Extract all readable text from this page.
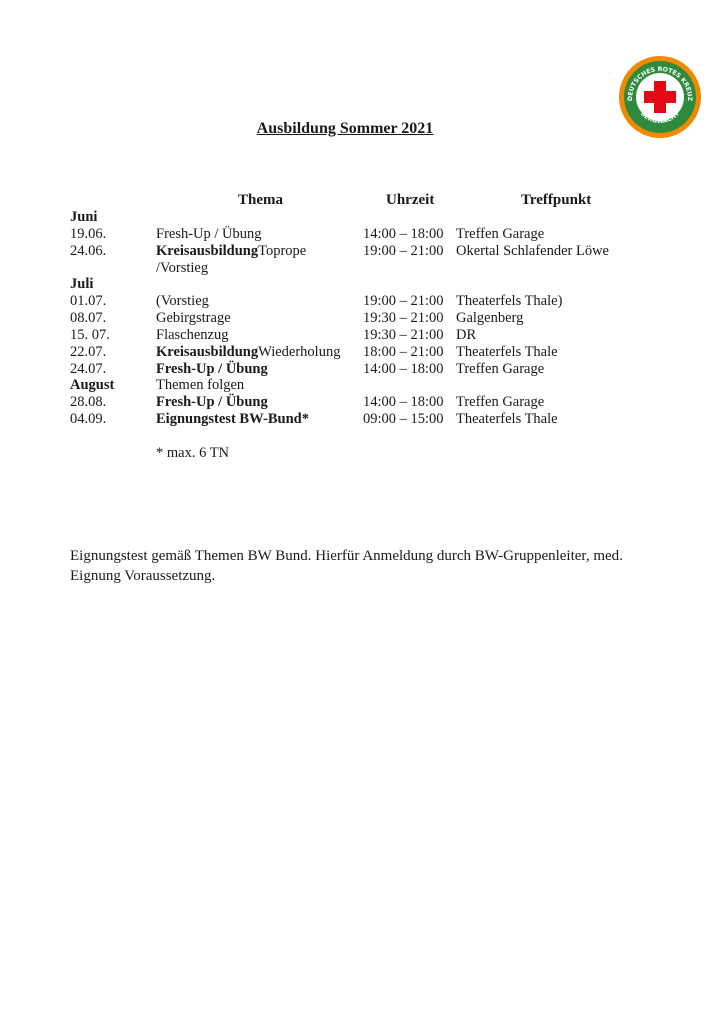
DEUTSCHES ROTES KREUZ
BERGWACHT
Ausbildung Sommer 2021
Thema	Uhrzeit	Treffpunkt
Juni
19.06.	Fresh-Up / Übung	14:00 – 18:00 Treffen Garage
24.06.	KreisausbildungToprope	19:00 – 21:00 Okertal Schlafender Löwe
/Vorstieg
Juli
01.07.	(Vorstieg	19:00 – 21:00 Theaterfels Thale)
08.07.	Gebirgstrage	19:30 – 21:00 Galgenberg
15. 07.	Flaschenzug	19:30 – 21:00 DR
22.07.	KreisausbildungWiederholung 18:00 – 21:00 Theaterfels Thale
24.07.	Fresh-Up / Übung	14:00 – 18:00 Treffen Garage
August	Themen folgen
28.08.	Fresh-Up / Übung	14:00 – 18:00 Treffen Garage
04.09.	Eignungstest BW-Bund*	09:00 – 15:00 Theaterfels Thale
* max. 6 TN
Eignungstest gemäß Themen BW Bund. Hierfür Anmeldung durch BW-Gruppenleiter, med. Eignung Voraussetzung.
